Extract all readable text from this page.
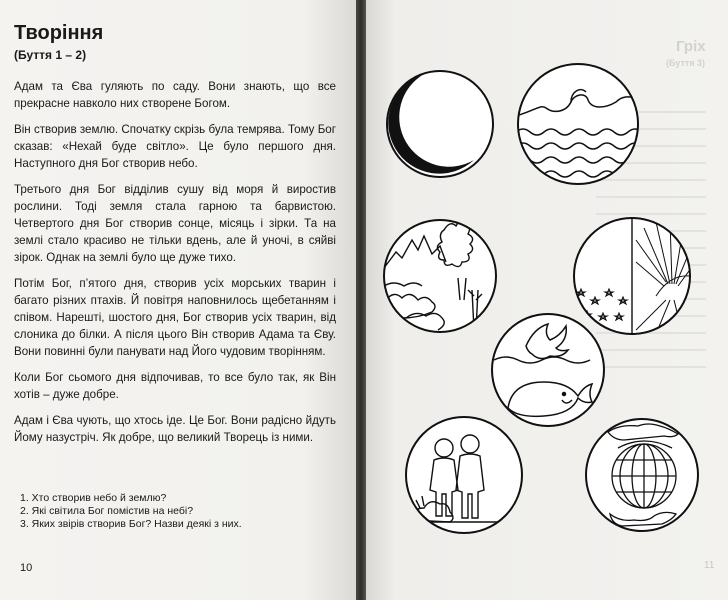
Творіння
(Буття 1 – 2)

Адам та Єва гуляють по саду. Вони знають, що все прекрасне навколо них створене Богом.

Він створив землю. Спочатку скрізь була темрява. Тому Бог сказав: «Нехай буде світло». Це було першого дня. Наступного дня Бог створив небо.

Третього дня Бог відділив сушу від моря й виростив рослини. Тоді земля стала гарною та барвистою. Четвертого дня Бог створив сонце, місяць і зірки. Та на землі стало красиво не тільки вдень, але й уночі, в сяйві зірок. Однак на землі було ще дуже тихо.

Потім Бог, п’ятого дня, створив усіх морських тварин і багато різних птахів. Й повітря наповнилось щебетанням і співом. Нарешті, шостого дня, Бог створив усіх тварин, від слоника до білки. А після цього Він створив Адама та Єву. Вони повинні були панувати над Його чудовим творінням.

Коли Бог сьомого дня відпочивав, то все було так, як Він хотів – дуже добре.

Адам і Єва чують, що хтось іде. Це Бог. Вони радісно йдуть Йому назустріч. Як добре, що великий Творець із ними.

1. Хто створив небо й землю?
2. Які світила Бог помістив на небі?
3. Яких звірів створив Бог? Назви деякі з них.
10
Гріх
(Буття 3)
11
